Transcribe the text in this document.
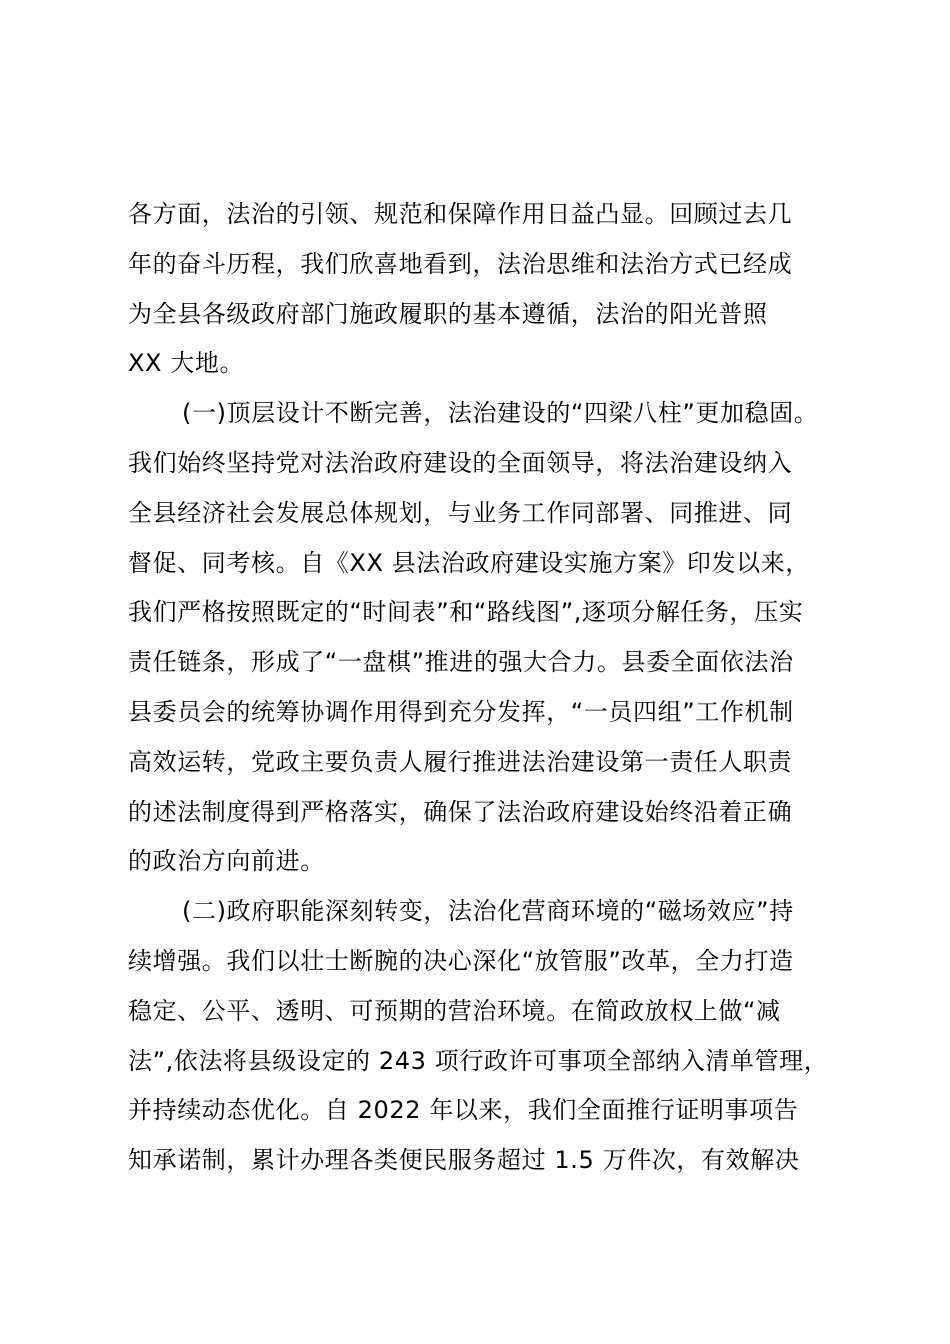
各方面，法治的引领、规范和保障作用日益凸显。回顾过去几
年的奋斗历程，我们欣喜地看到，法治思维和法治方式已经成
为全县各级政府部门施政履职的基本遵循，法治的阳光普照
XX 大地。
(一)顶层设计不断完善，法治建设的“四梁八柱”更加稳固。
我们始终坚持党对法治政府建设的全面领导，将法治建设纳入
全县经济社会发展总体规划，与业务工作同部署、同推进、同
督促、同考核。自《XX 县法治政府建设实施方案》印发以来，
我们严格按照既定的“时间表”和“路线图”,逐项分解任务，压实
责任链条，形成了“一盘棋”推进的强大合力。县委全面依法治
县委员会的统筹协调作用得到充分发挥，“一员四组”工作机制
高效运转，党政主要负责人履行推进法治建设第一责任人职责
的述法制度得到严格落实，确保了法治政府建设始终沿着正确
的政治方向前进。
(二)政府职能深刻转变，法治化营商环境的“磁场效应”持
续增强。我们以壮士断腕的决心深化“放管服”改革，全力打造
稳定、公平、透明、可预期的营治环境。在简政放权上做“减
法”,依法将县级设定的 243 项行政许可事项全部纳入清单管理，
并持续动态优化。自 2022 年以来，我们全面推行证明事项告
知承诺制，累计办理各类便民服务超过 1.5 万件次，有效解决
